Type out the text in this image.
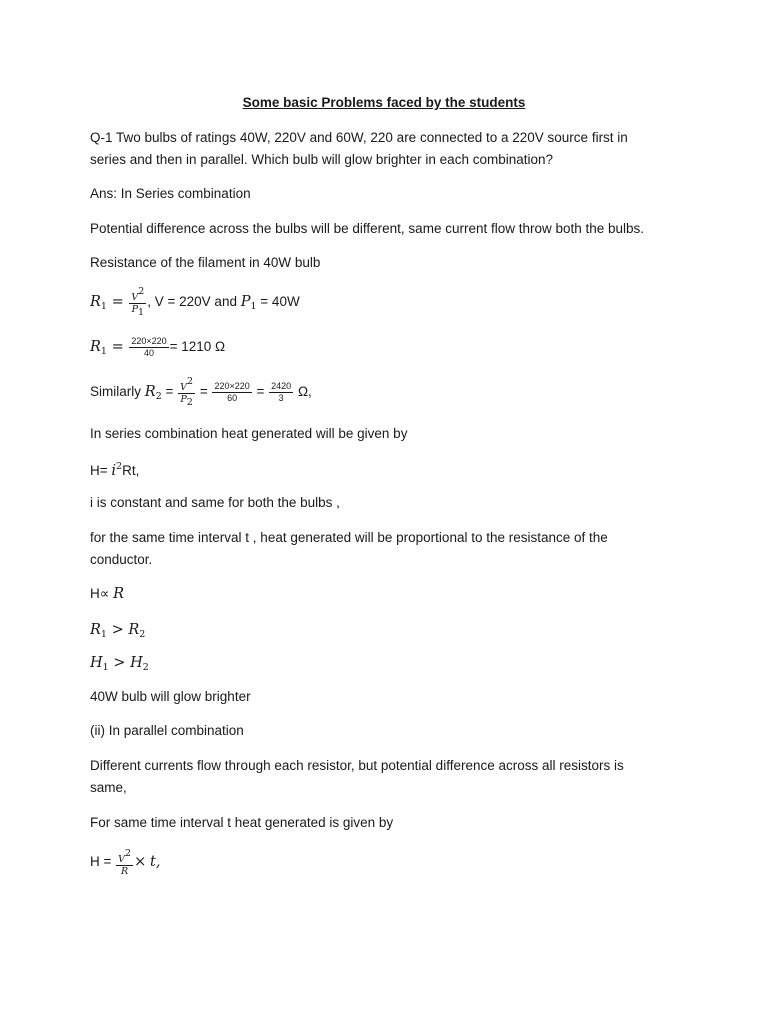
Some basic Problems faced by the students
Q-1 Two bulbs of ratings 40W, 220V and 60W, 220 are connected to a 220V source first in
series and then in parallel. Which bulb will glow brighter in each combination?
Ans: In Series combination
Potential difference across the bulbs will be different, same current flow throw both the bulbs.
Resistance of the filament in 40W bulb
$R_1 = \frac{V^2}{P_1}$ , V = 220V and $P_1 = 40W$
$R_1 = \frac{220\times 220}{40} = 1210$ Ω
Similarly $R_2 = \frac{V^2}{P_2} = \frac{220\times 220}{60} = \frac{2420}{3} \Omega$,
In series combination heat generated will be given by
$H= i^2Rt$,
i is constant and same for both the bulbs ,
for the same time interval t , heat generated will be proportional to the resistance of the
conductor.
H∝ R
$R_1 > R_2$
$H_1 > H_2$
40W bulb will glow brighter
(ii) In parallel combination
Different currents flow through each resistor, but potential difference across all resistors is
same,
For same time interval t heat generated is given by
$H = \frac{V^2}{R} \times t$,
